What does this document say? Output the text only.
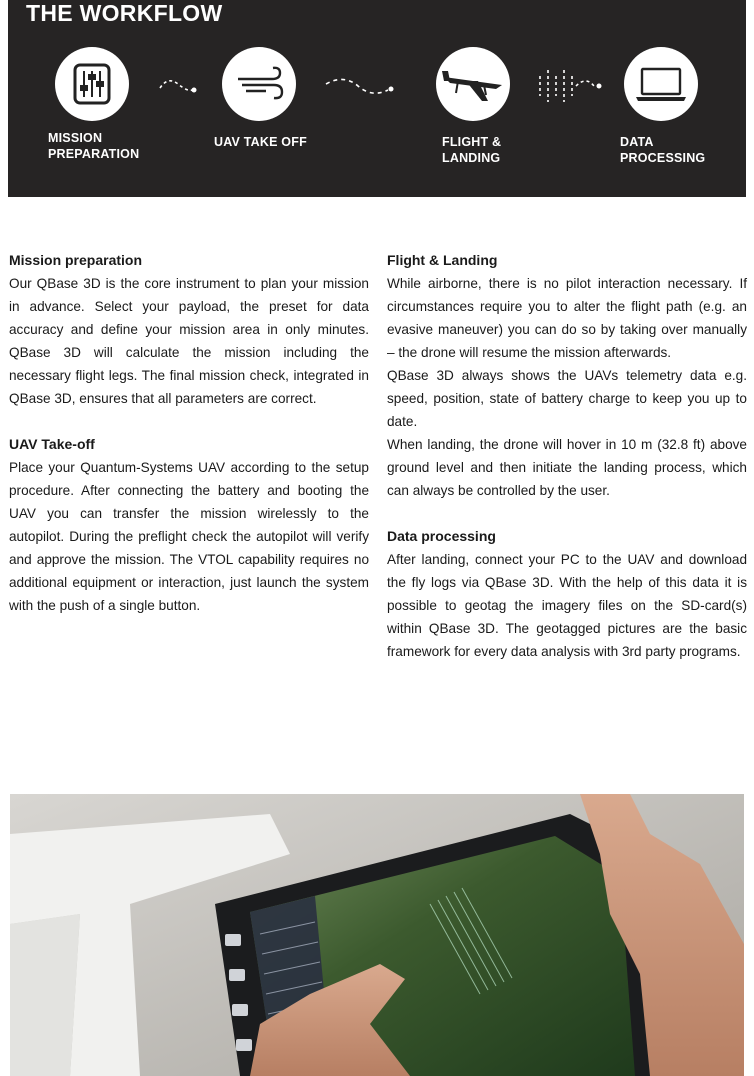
THE WORKFLOW
MISSION
PREPARATION
UAV TAKE OFF	FLIGHT &
LANDING
DATA
PROCESSING

Mission preparation

Our QBase 3D is the core instrument to plan your mission in advance. Select your payload, the preset for data accuracy and define your mission area in only minutes. QBase 3D will calculate the mission including the necessary flight legs. The final mission check, integrated in QBase 3D, ensures that all parameters are correct.

UAV Take-off

Place your Quantum-Systems UAV according to the setup procedure. After connecting the battery and booting the UAV you can transfer the mission wirelessly to the autopilot. During the preflight check the autopilot will verify and approve the mission. The VTOL capability requires no additional equipment or interaction, just launch the system with the push of a single button.

Flight & Landing

While airborne, there is no pilot interaction necessary. If circumstances require you to alter the flight path (e.g. an evasive maneuver) you can do so by taking over manually – the drone will resume the mission afterwards.

QBase 3D always shows the UAVs telemetry data e.g. speed, position, state of battery charge to keep you up to date.

When landing, the drone will hover in 10 m (32.8 ft) above ground level and then initiate the landing process, which can always be controlled by the user.

Data processing

After landing, connect your PC to the UAV and download the fly logs via QBase 3D. With the help of this data it is possible to geotag the imagery files on the SD-card(s) within QBase 3D. The geotagged pictures are the basic framework for every data analysis with 3rd party programs.
